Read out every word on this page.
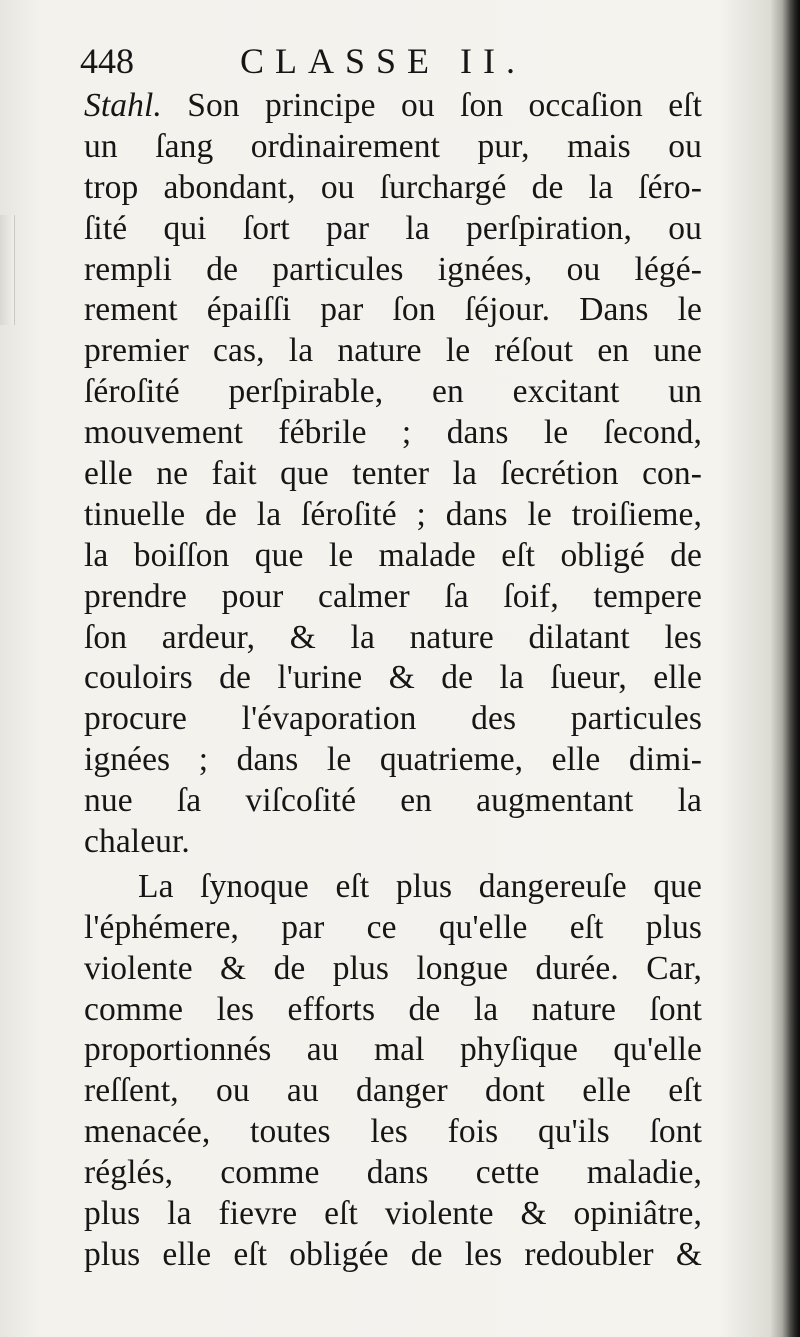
448	CLASSE II.
Stahl. Son principe ou ſon occaſion eſt
un ſang ordinairement pur, mais ou
trop abondant, ou ſurchargé de la ſéro-
ſité qui ſort par la perſpiration, ou
rempli de particules ignées, ou légé-
rement épaiſſi par ſon ſéjour. Dans le
premier cas, la nature le réſout en une
ſéroſité perſpirable, en excitant un
mouvement fébrile ; dans le ſecond,
elle ne fait que tenter la ſecrétion con-
tinuelle de la ſéroſité ; dans le troiſieme,
la boiſſon que le malade eſt obligé de
prendre pour calmer ſa ſoif, tempere
ſon ardeur, & la nature dilatant les
couloirs de l'urine & de la ſueur, elle
procure l'évaporation des particules
ignées ; dans le quatrieme, elle dimi-
nue ſa viſcoſité en augmentant la
chaleur.
La ſynoque eſt plus dangereuſe que
l'éphémere, par ce qu'elle eſt plus
violente & de plus longue durée. Car,
comme les efforts de la nature ſont
proportionnés au mal phyſique qu'elle
reſſent, ou au danger dont elle eſt
menacée, toutes les fois qu'ils ſont
réglés, comme dans cette maladie,
plus la fievre eſt violente & opiniâtre,
plus elle eſt obligée de les redoubler &
